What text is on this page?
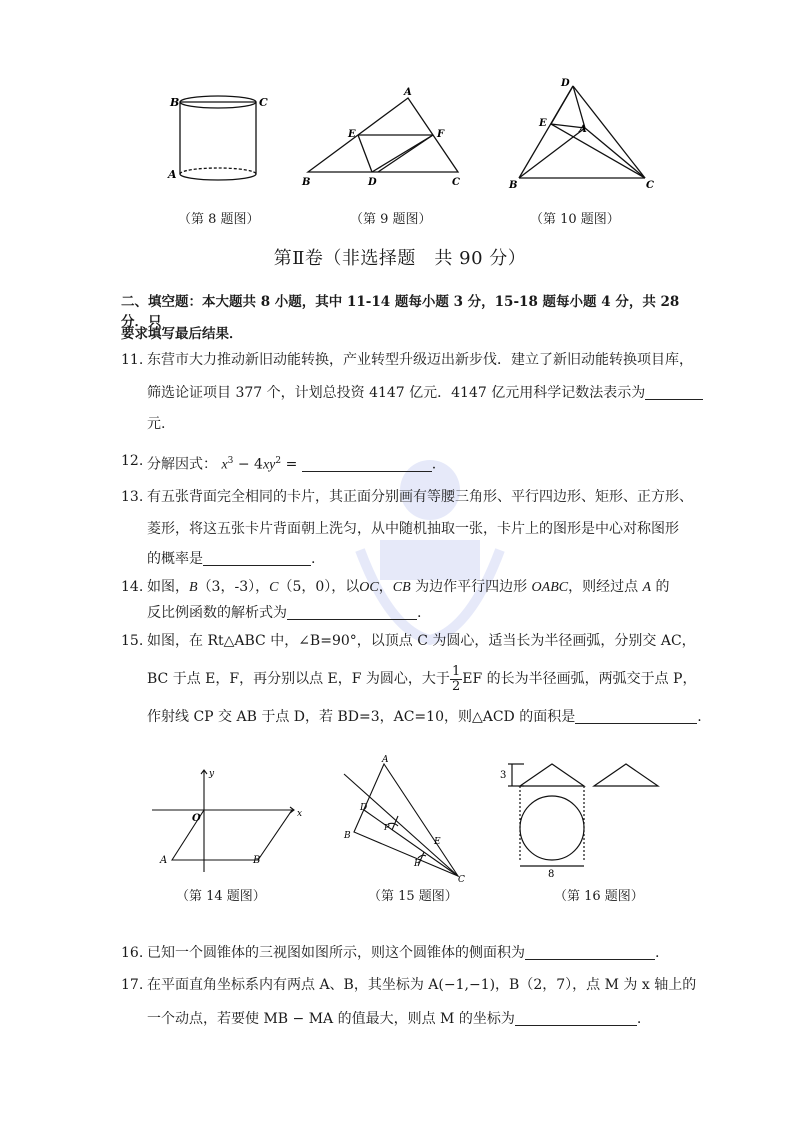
B	C
A
（第 8 题图）
A
E	F
B	D	C
（第 9 题图）
D
E
A
B	C
（第 10 题图）
第Ⅱ卷（非选择题　共 90 分）
二、填空题：本大题共 8 小题，其中 11-14 题每小题 3 分，15-18 题每小题 4 分，共 28 分．只
要求填写最后结果．
11. 东营市大力推动新旧动能转换，产业转型升级迈出新步伐．建立了新旧动能转换项目库，
筛选论证项目 377 个，计划总投资 4147 亿元．4147 亿元用科学记数法表示为
元.
12. 分解因式： $x^3 - 4xy^2$ =	.
13. 有五张背面完全相同的卡片，其正面分别画有等腰三角形、平行四边形、矩形、正方形、
菱形，将这五张卡片背面朝上洗匀，从中随机抽取一张，卡片上的图形是中心对称图形
的概率是	.
14. 如图，B（3，-3），C（5，0），以OC，CB 为边作平行四边形 OABC，则经过点 A 的
反比例函数的解析式为	.
15. 如图，在 Rt△ABC 中，∠B=90°，以顶点 C 为圆心，适当长为半径画弧，分别交 AC，
BC 于点 E，F，再分别以点 E，F 为圆心，大于 $\frac{1}{2}$ EF 的长为半径画弧，两弧交于点 P，
作射线 CP 交 AB 于点 D，若 BD=3，AC=10，则△ACD 的面积是	.
y
x
O
A	B
（第 14 题图）
A
D
B
P
E
F
C
（第 15 题图）
3
8
（第 16 题图）
16. 已知一个圆锥体的三视图如图所示，则这个圆锥体的侧面积为	.
17. 在平面直角坐标系内有两点 A、B，其坐标为 A(−1,−1)，B（2，7），点 M 为 x 轴上的
一个动点，若要使 MB − MA 的值最大，则点 M 的坐标为	.
